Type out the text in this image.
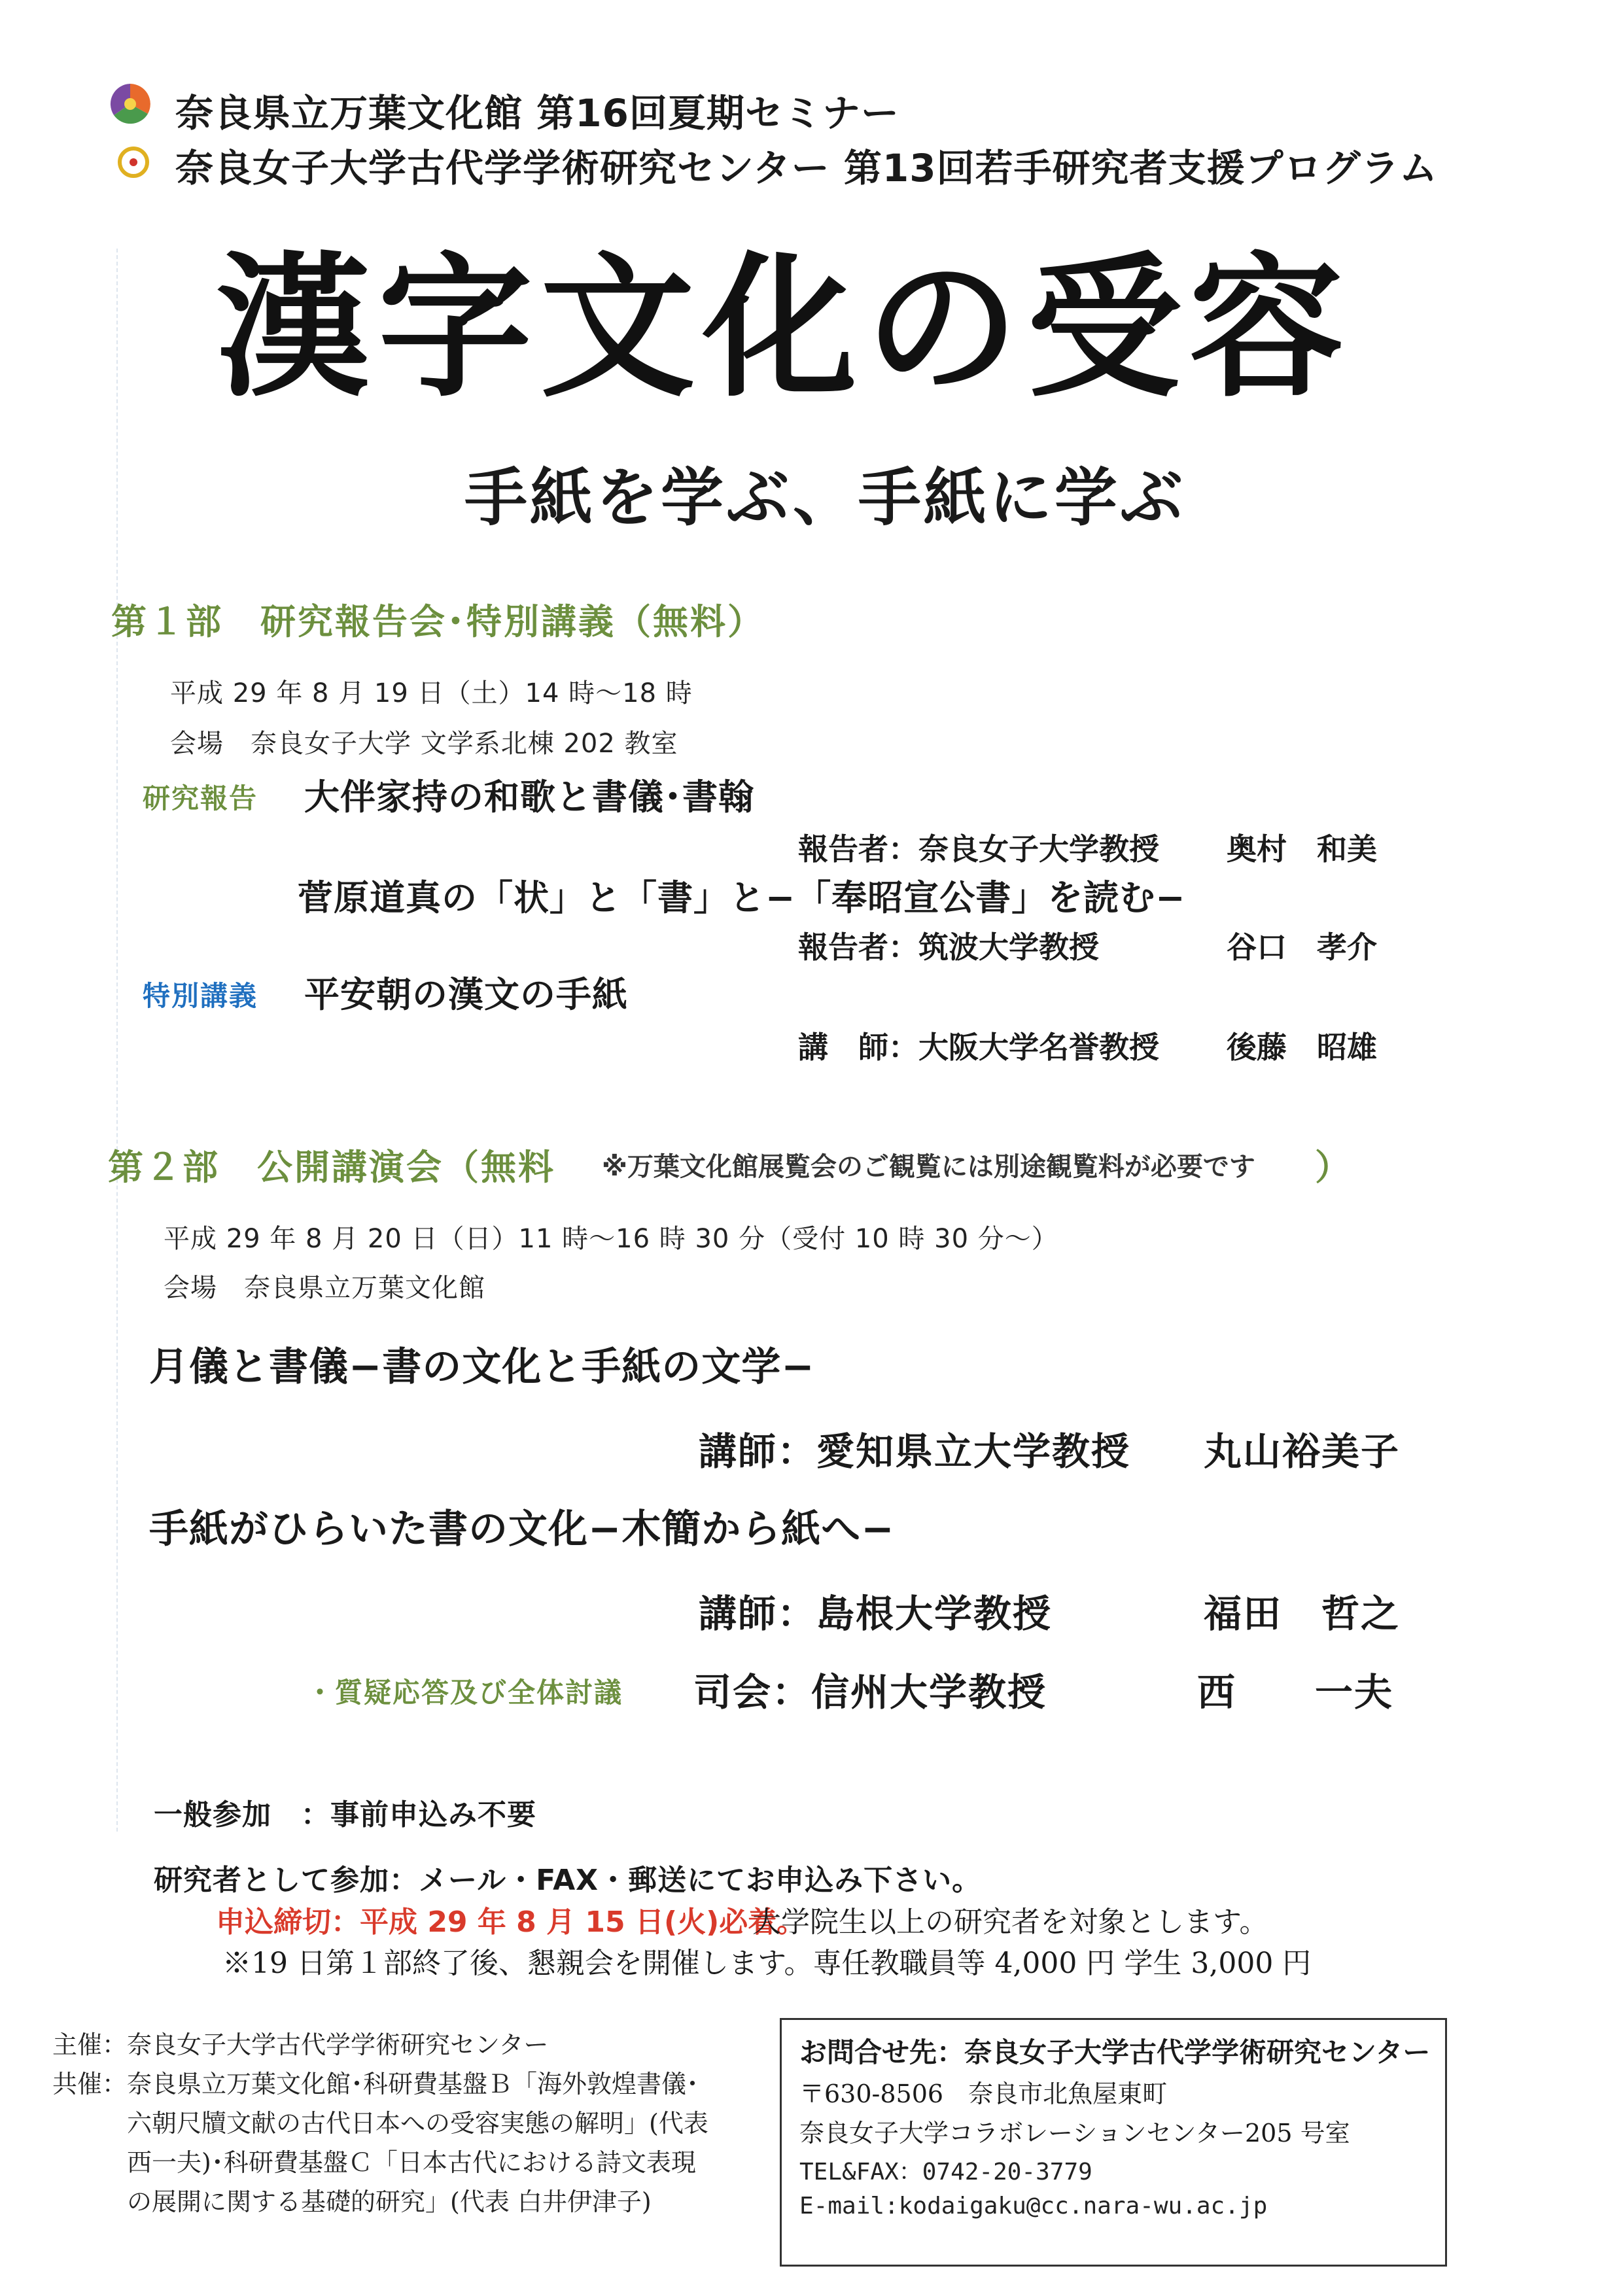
奈良県立万葉文化館 第16回夏期セミナー
奈良女子大学古代学学術研究センター 第13回若手研究者支援プログラム
漢字文化の受容
手紙を学ぶ、手紙に学ぶ
第１部　研究報告会･特別講義（無料）
平成 29 年 8 月 19 日（土）14 時〜18 時
会場　奈良女子大学 文学系北棟 202 教室
研究報告 大伴家持の和歌と書儀･書翰
報告者：奈良女子大学教授 奥村　和美
菅原道真の「状」と「書」と−「奉昭宣公書」を読む−
報告者：筑波大学教授	谷口　孝介
特別講義 平安朝の漢文の手紙
講　師：大阪大学名誉教授 後藤　昭雄
第２部　公開講演会（無料 ※万葉文化館展覧会のご観覧には別途観覧料が必要です ）
平成 29 年 8 月 20 日（日）11 時〜16 時 30 分（受付 10 時 30 分〜）
会場　奈良県立万葉文化館
月儀と書儀−書の文化と手紙の文学−
講師：愛知県立大学教授 丸山裕美子
手紙がひらいた書の文化−木簡から紙へ−
講師：島根大学教授	福田　哲之
・質疑応答及び全体討議 司会：信州大学教授	西　　一夫
一般参加　：事前申込み不要
研究者として参加：メール・FAX・郵送にてお申込み下さい。
申込締切：平成 29 年 8 月 15 日(火)必着。
大学院生以上の研究者を対象とします。
※19 日第１部終了後、懇親会を開催します。専任教職員等 4,000 円 学生 3,000 円
主催：奈良女子大学古代学学術研究センター
共催：奈良県立万葉文化館･科研費基盤Ｂ「海外敦煌書儀･
　　　六朝尺牘文献の古代日本への受容実態の解明」(代表
　　　西一夫)･科研費基盤Ｃ「日本古代における詩文表現
　　　の展開に関する基礎的研究」(代表 白井伊津子)
お問合せ先：奈良女子大学古代学学術研究センター
〒630-8506　奈良市北魚屋東町
奈良女子大学コラボレーションセンター205 号室
TEL&FAX：0742-20-3779
E-mail:kodaigaku@cc.nara-wu.ac.jp
